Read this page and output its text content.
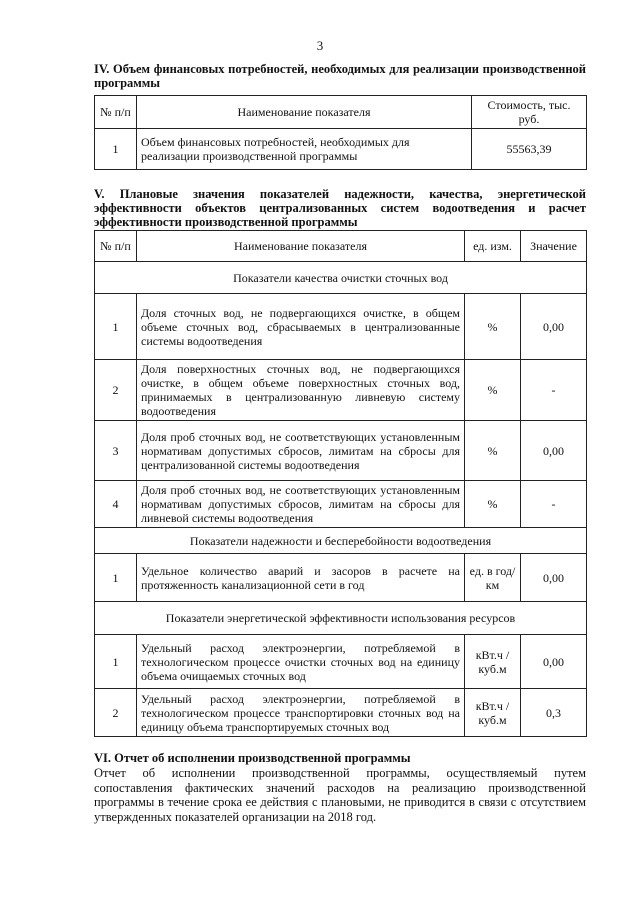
3
IV. Объем финансовых потребностей, необходимых для реализации производственной программы
№ п/п	Наименование показателя	Стоимость, тыс. руб.
1	Объем финансовых потребностей, необходимых для реализации производственной программы	55563,39
V. Плановые значения показателей надежности, качества, энергетической эффективности объектов централизованных систем водоотведения и расчет эффективности производственной программы
№ п/п	Наименование показателя	ед. изм.	Значение
Показатели качества очистки сточных вод			
1	Доля сточных вод, не подвергающихся очистке, в общем объеме сточных вод, сбрасываемых в централизованные системы водоотведения	%	0,00
2	Доля поверхностных сточных вод, не подвергающихся очистке, в общем объеме поверхностных сточных вод, принимаемых в централизованную ливневую систему водоотведения	%	-
3	Доля проб сточных вод, не соответствующих установленным нормативам допустимых сбросов, лимитам на сбросы для централизованной системы водоотведения	%	0,00
4	Доля проб сточных вод, не соответствующих установленным нормативам допустимых сбросов, лимитам на сбросы для ливневой системы водоотведения	%	-
Показатели надежности и бесперебойности водоотведения			
1	Удельное количество аварий и засоров в расчете на протяженность канализационной сети в год	ед. в год/ км	0,00
Показатели энергетической эффективности использования ресурсов			
1	Удельный расход электроэнергии, потребляемой в технологическом процессе очистки сточных вод на единицу объема очищаемых сточных вод	кВт.ч / куб.м	0,00
2	Удельный расход электроэнергии, потребляемой в технологическом процессе транспортировки сточных вод на единицу объема транспортируемых сточных вод	кВт.ч / куб.м	0,3
VI. Отчет об исполнении производственной программы
Отчет об исполнении производственной программы, осуществляемый путем сопоставления фактических значений расходов на реализацию производственной программы в течение срока ее действия с плановыми, не приводится в связи с отсутствием утвержденных показателей организации на 2018 год.
